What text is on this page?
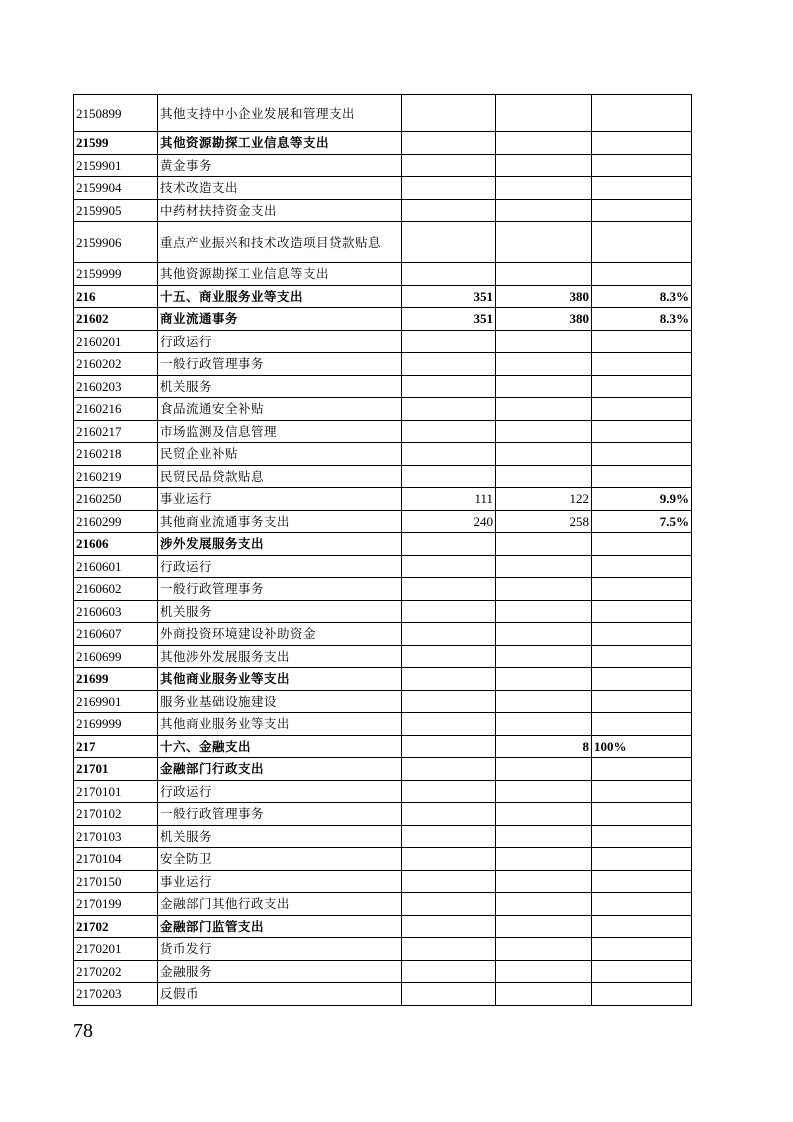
2150899	其他支持中小企业发展和管理支出			
21599	其他资源勘探工业信息等支出			
2159901	黄金事务			
2159904	技术改造支出			
2159905	中药材扶持资金支出			
2159906	重点产业振兴和技术改造项目贷款贴息			
2159999	其他资源勘探工业信息等支出			
216	十五、商业服务业等支出	351	380	8.3%
21602	商业流通事务	351	380	8.3%
2160201	行政运行			
2160202	一般行政管理事务			
2160203	机关服务			
2160216	食品流通安全补贴			
2160217	市场监测及信息管理			
2160218	民贸企业补贴			
2160219	民贸民品贷款贴息			
2160250	事业运行	111	122	9.9%
2160299	其他商业流通事务支出	240	258	7.5%
21606	涉外发展服务支出			
2160601	行政运行			
2160602	一般行政管理事务			
2160603	机关服务			
2160607	外商投资环境建设补助资金			
2160699	其他涉外发展服务支出			
21699	其他商业服务业等支出			
2169901	服务业基础设施建设			
2169999	其他商业服务业等支出			
217	十六、金融支出		8	100%
21701	金融部门行政支出			
2170101	行政运行			
2170102	一般行政管理事务			
2170103	机关服务			
2170104	安全防卫			
2170150	事业运行			
2170199	金融部门其他行政支出			
21702	金融部门监管支出			
2170201	货币发行			
2170202	金融服务			
2170203	反假币			
78
